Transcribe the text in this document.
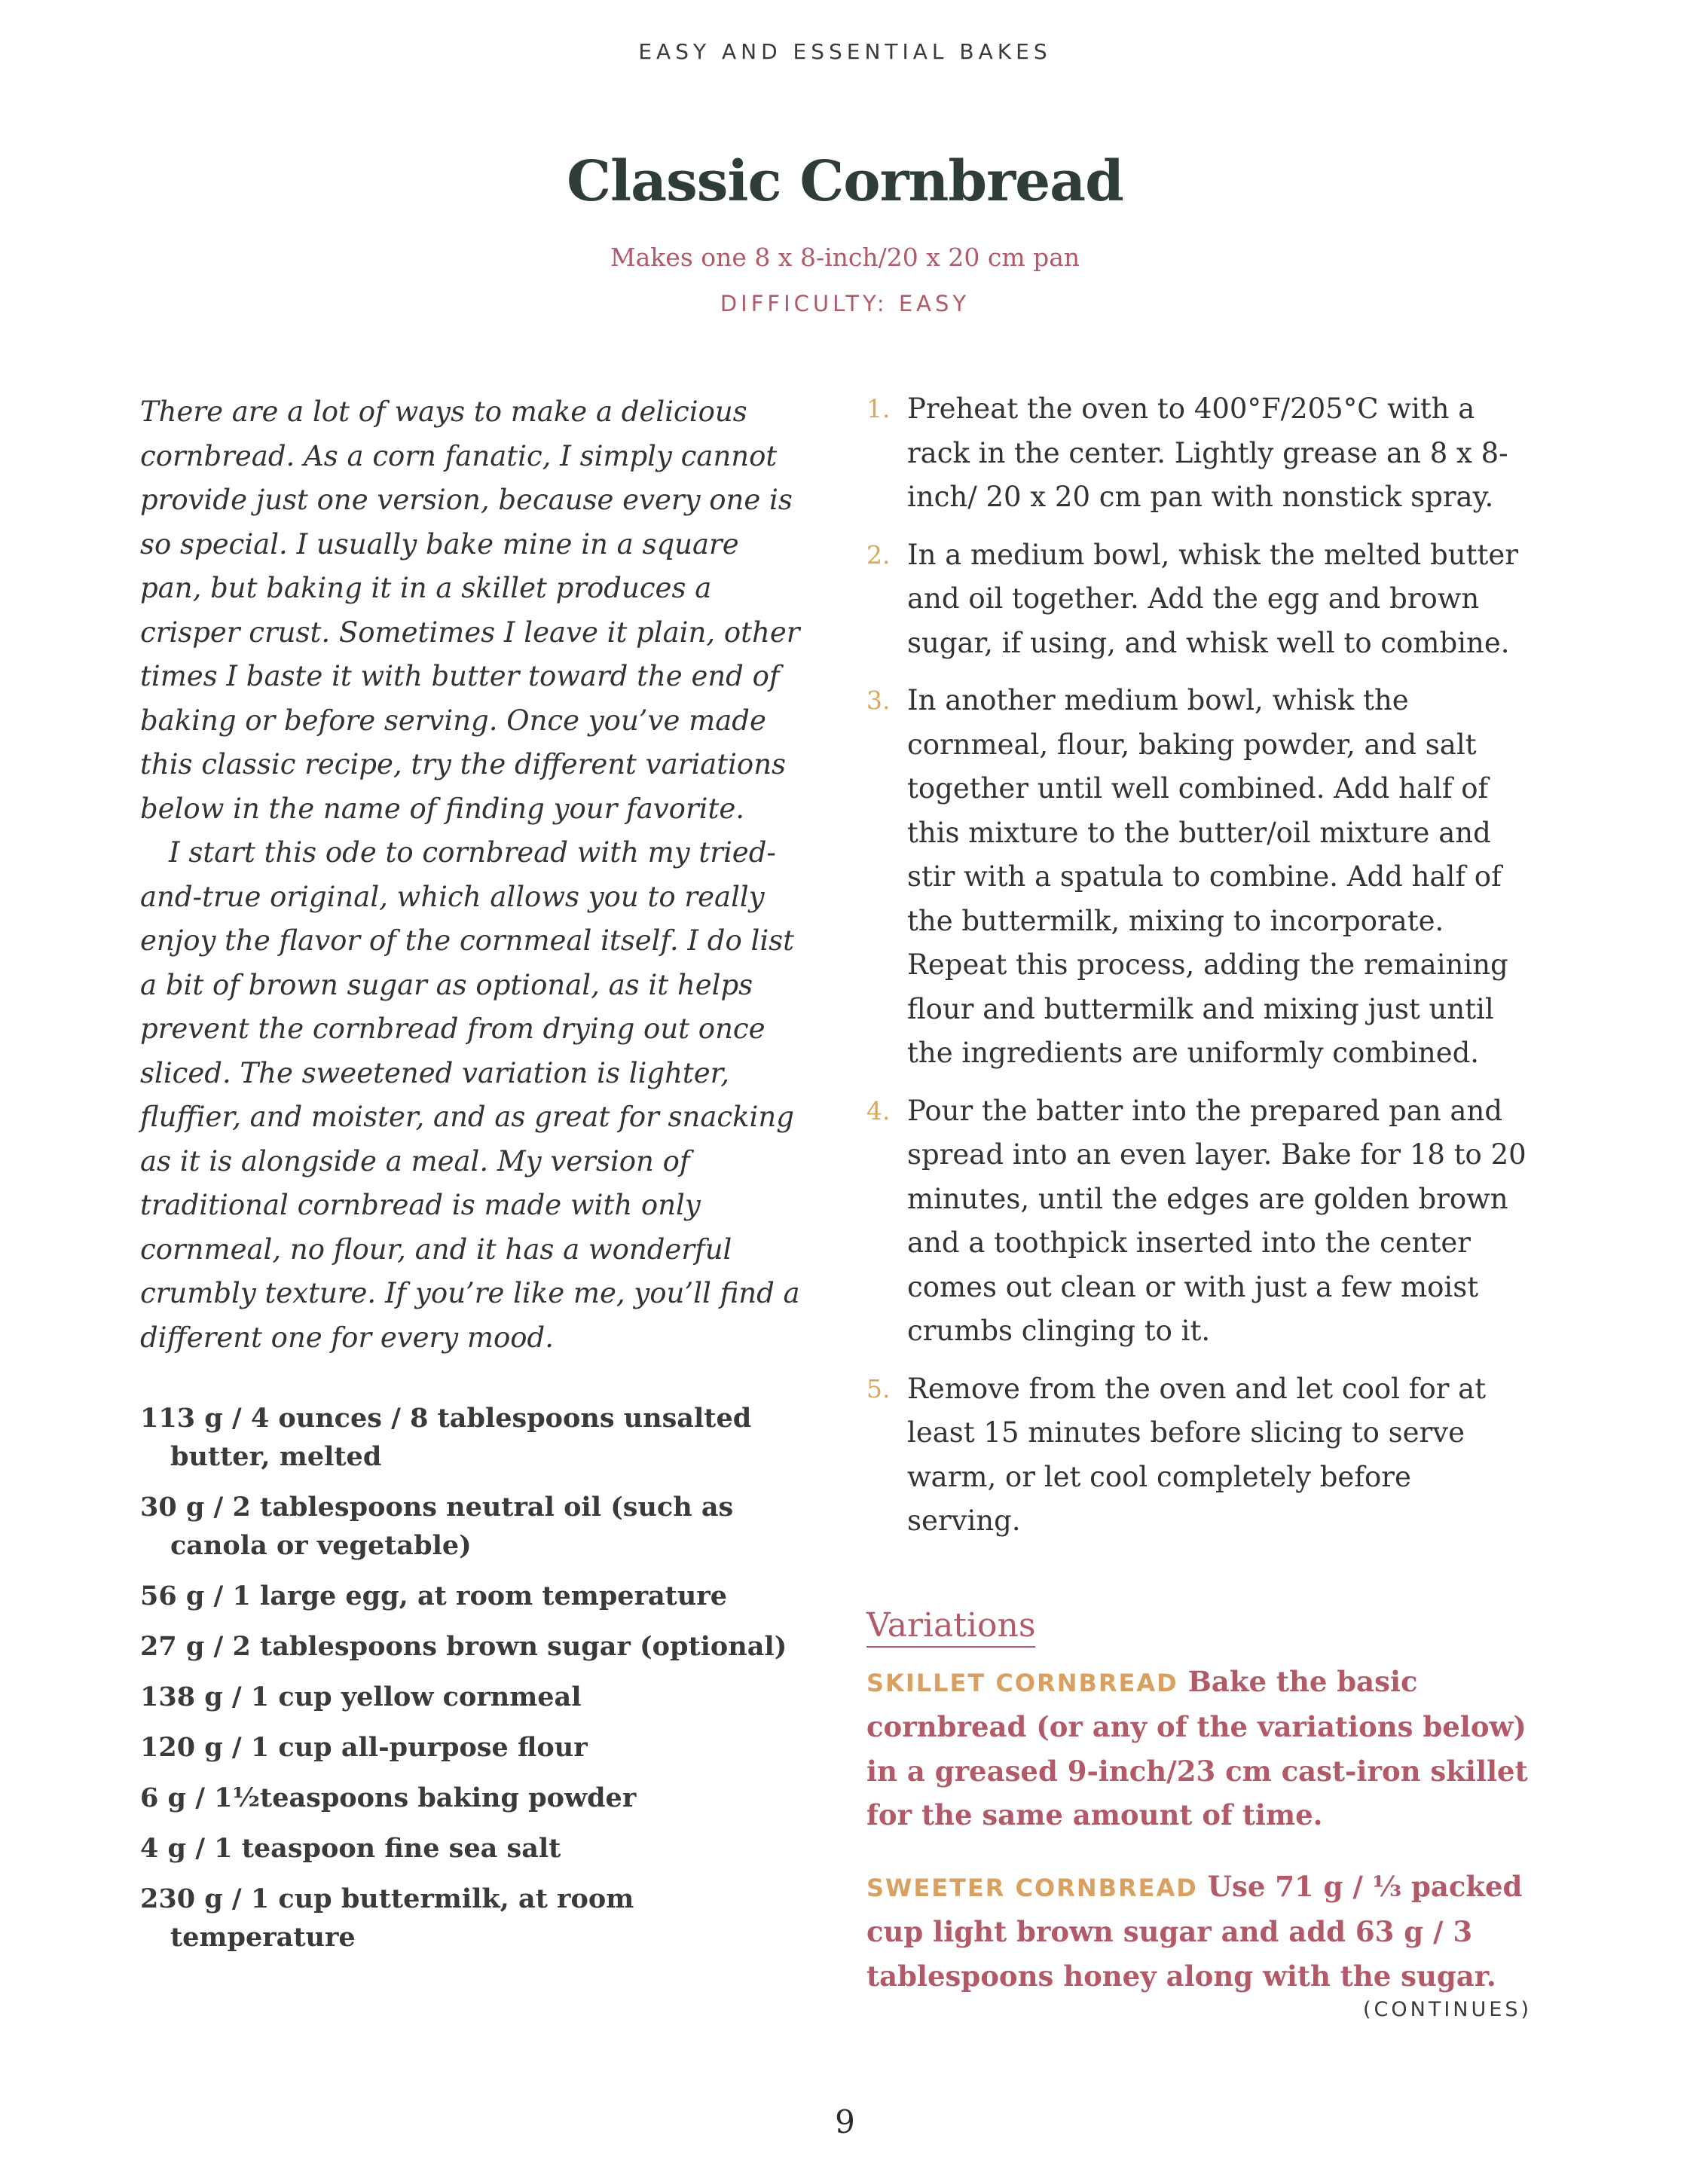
EASY AND ESSENTIAL BAKES
Classic Cornbread
Makes one 8 x 8-inch/20 x 20 cm pan
DIFFICULTY: EASY

There are a lot of ways to make a delicious cornbread. As a corn fanatic, I simply cannot provide just one version, because every one is so special. I usually bake mine in a square pan, but baking it in a skillet produces a crisper crust. Sometimes I leave it plain, other times I baste it with butter toward the end of baking or before serving. Once you’ve made this classic recipe, try the different variations below in the name of finding your favorite.

I start this ode to cornbread with my tried-and-true original, which allows you to really enjoy the flavor of the cornmeal itself. I do list a bit of brown sugar as optional, as it helps prevent the cornbread from drying out once sliced. The sweetened variation is lighter, fluffier, and moister, and as great for snacking as it is alongside a meal. My version of traditional cornbread is made with only cornmeal, no flour, and it has a wonderful crumbly texture. If you’re like me, you’ll find a different one for every mood.

113 g / 4 ounces / 8 tablespoons unsalted butter, melted
30 g / 2 tablespoons neutral oil (such as canola or vegetable)
56 g / 1 large egg, at room temperature
27 g / 2 tablespoons brown sugar (optional)
138 g / 1 cup yellow cornmeal
120 g / 1 cup all-purpose flour
6 g / 1½teaspoons baking powder
4 g / 1 teaspoon fine sea salt
230 g / 1 cup buttermilk, at room temperature
1. Preheat the oven to 400°F/205°C with a rack in the center. Lightly grease an 8 x 8-inch/ 20 x 20 cm pan with nonstick spray.
2. In a medium bowl, whisk the melted butter and oil together. Add the egg and brown sugar, if using, and whisk well to combine.
3. In another medium bowl, whisk the cornmeal, flour, baking powder, and salt together until well combined. Add half of this mixture to the butter/oil mixture and stir with a spatula to combine. Add half of the buttermilk, mixing to incorporate. Repeat this process, adding the remaining flour and buttermilk and mixing just until the ingredients are uniformly combined.
4. Pour the batter into the prepared pan and spread into an even layer. Bake for 18 to 20 minutes, until the edges are golden brown and a toothpick inserted into the center comes out clean or with just a few moist crumbs clinging to it.
5. Remove from the oven and let cool for at least 15 minutes before slicing to serve warm, or let cool completely before serving.
Variations

SKILLET CORNBREAD Bake the basic cornbread (or any of the variations below) in a greased 9-inch/23 cm cast-iron skillet for the same amount of time.

SWEETER CORNBREAD Use 71 g / ⅓ packed cup light brown sugar and add 63 g / 3 tablespoons honey along with the sugar.

(CONTINUES)
9
